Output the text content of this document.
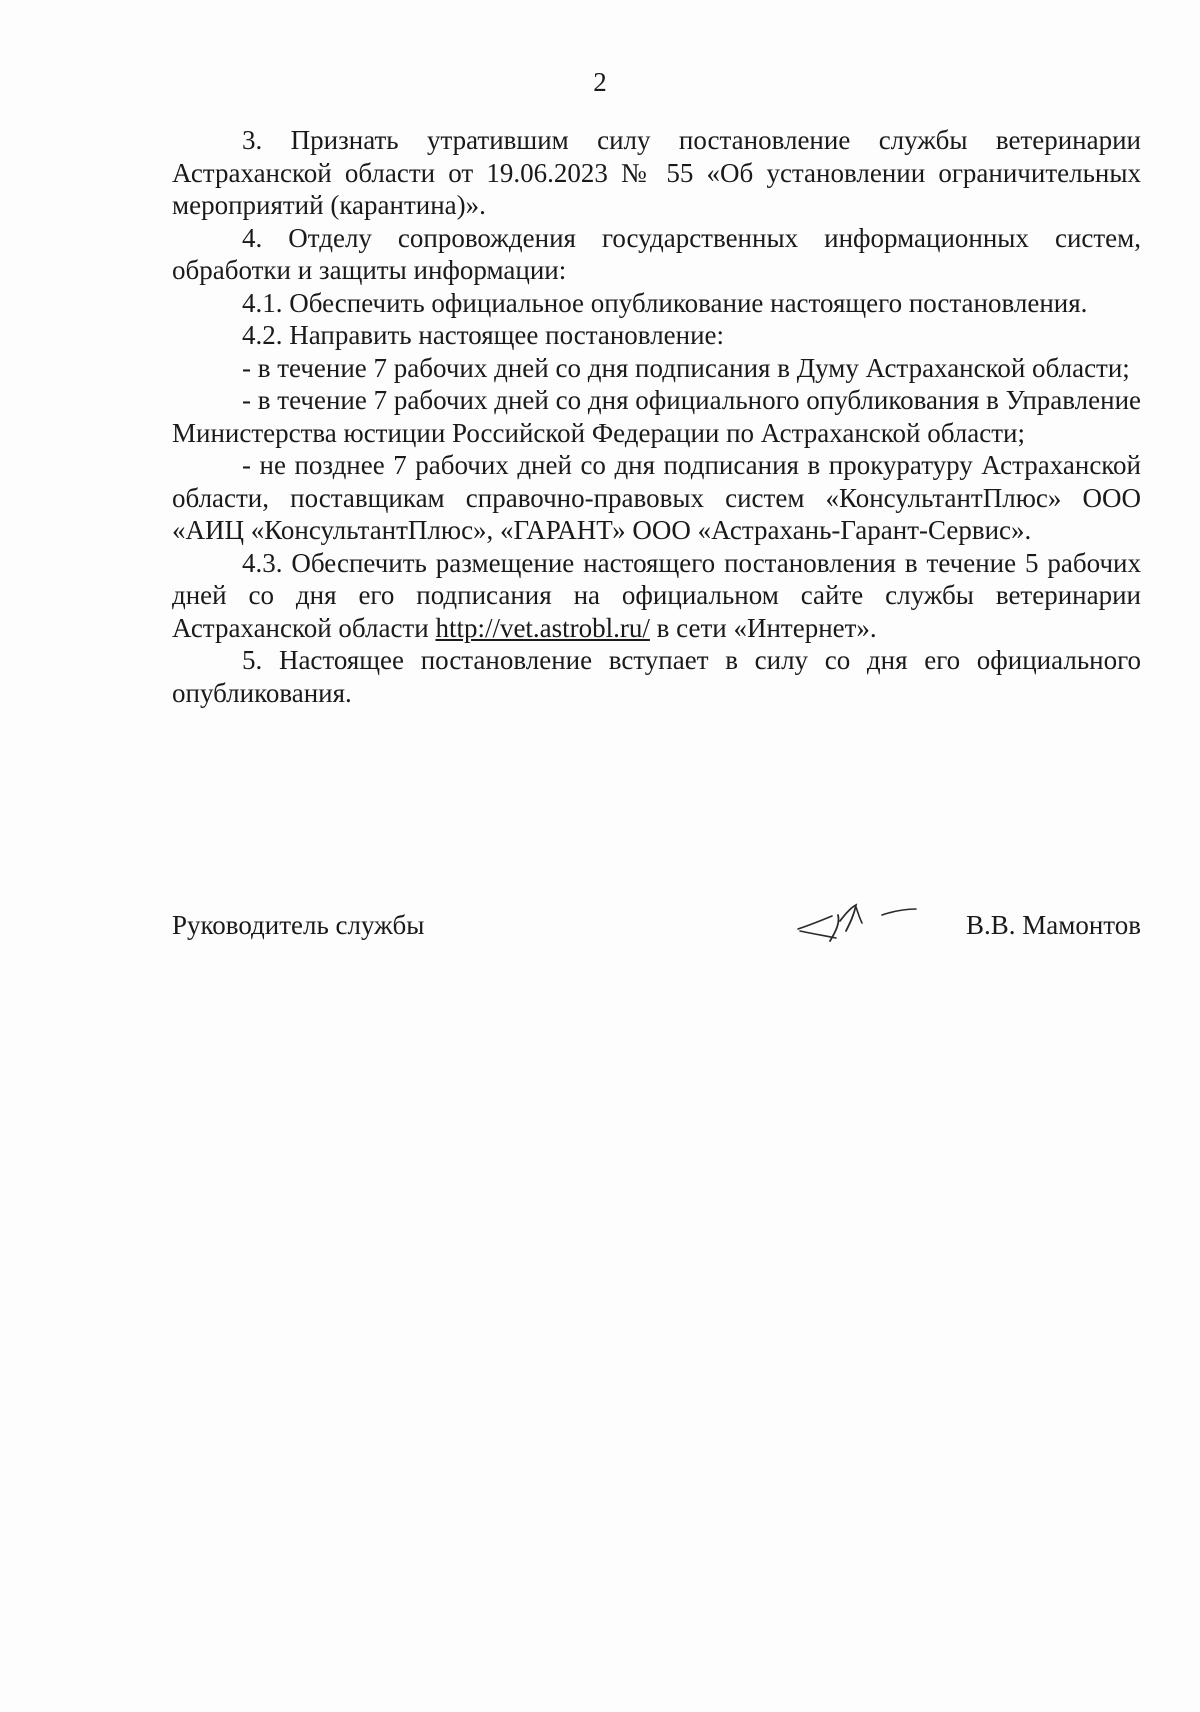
2

3. Признать утратившим силу постановление службы ветеринарии Астраханской области от 19.06.2023 № 55 «Об установлении ограничительных мероприятий (карантина)».

4. Отделу сопровождения государственных информационных систем, обработки и защиты информации:

4.1. Обеспечить официальное опубликование настоящего постановления.

4.2. Направить настоящее постановление:

- в течение 7 рабочих дней со дня подписания в Думу Астраханской области;

- в течение 7 рабочих дней со дня официального опубликования в Управление Министерства юстиции Российской Федерации по Астраханской области;

- не позднее 7 рабочих дней со дня подписания в прокуратуру Астраханской области, поставщикам справочно-правовых систем «КонсультантПлюс» ООО «АИЦ «КонсультантПлюс», «ГАРАНТ» ООО «Астрахань-Гарант-Сервис».

4.3. Обеспечить размещение настоящего постановления в течение 5 рабочих дней со дня его подписания на официальном сайте службы ветеринарии Астраханской области http://vet.astrobl.ru/ в сети «Интернет».

5. Настоящее постановление вступает в силу со дня его официального опубликования.

Руководитель службы	В.В. Мамонтов
